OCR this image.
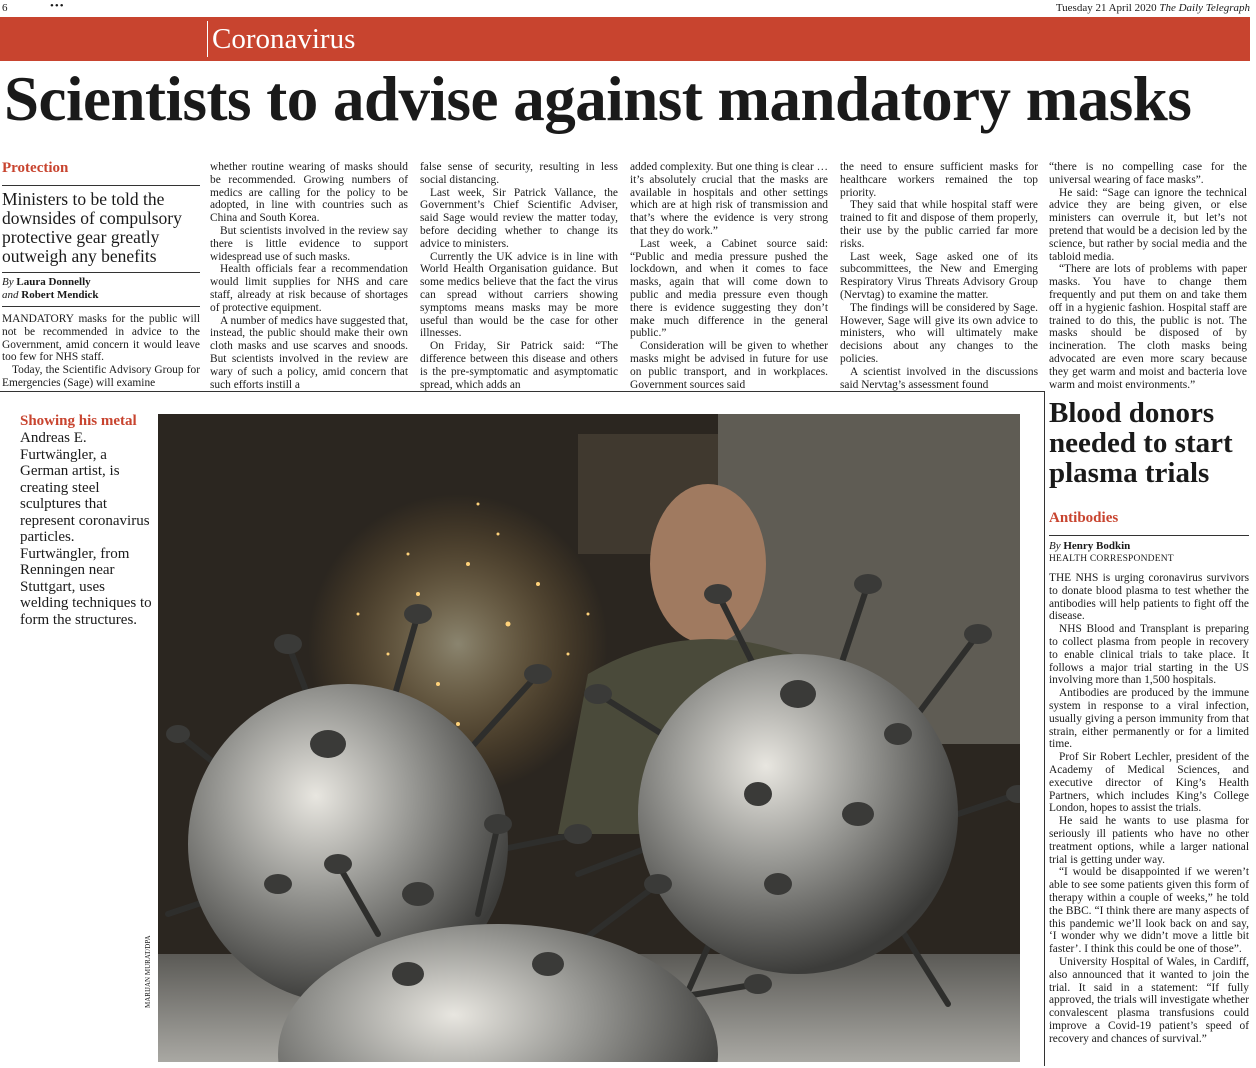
6	•••	Tuesday 21 April 2020 The Daily Telegraph
Coronavirus
Scientists to advise against mandatory masks
Protection
Ministers to be told the downsides of compulsory protective gear greatly outweigh any benefits
By Laura Donnelly
and Robert Mendick

MANDATORY masks for the public will not be recommended in advice to the Government, amid concern it would leave too few for NHS staff.

Today, the Scientific Advisory Group for Emergencies (Sage) will examine

whether routine wearing of masks should be recommended. Growing numbers of medics are calling for the policy to be adopted, in line with countries such as China and South Korea.

But scientists involved in the review say there is little evidence to support widespread use of such masks.

Health officials fear a recommendation would limit supplies for NHS and care staff, already at risk because of shortages of protective equipment.

A number of medics have suggested that, instead, the public should make their own cloth masks and use scarves and snoods. But scientists involved in the review are wary of such a policy, amid concern that such efforts instill a

false sense of security, resulting in less social distancing.

Last week, Sir Patrick Vallance, the Government’s Chief Scientific Adviser, said Sage would review the matter today, before deciding whether to change its advice to ministers.

Currently the UK advice is in line with World Health Organisation guidance. But some medics believe that the fact the virus can spread without carriers showing symptoms means masks may be more useful than would be the case for other illnesses.

On Friday, Sir Patrick said: “The difference between this disease and others is the pre-symptomatic and asymptomatic spread, which adds an

added complexity. But one thing is clear … it’s absolutely crucial that the masks are available in hospitals and other settings which are at high risk of transmission and that’s where the evidence is very strong that they do work.”

Last week, a Cabinet source said: “Public and media pressure pushed the lockdown, and when it comes to face masks, again that will come down to public and media pressure even though there is evidence suggesting they don’t make much difference in the general public.”

Consideration will be given to whether masks might be advised in future for use on public transport, and in workplaces. Government sources said

the need to ensure sufficient masks for healthcare workers remained the top priority.

They said that while hospital staff were trained to fit and dispose of them properly, their use by the public carried far more risks.

Last week, Sage asked one of its subcommittees, the New and Emerging Respiratory Virus Threats Advisory Group (Nervtag) to examine the matter.

The findings will be considered by Sage. However, Sage will give its own advice to ministers, who will ultimately make decisions about any changes to the policies.

A scientist involved in the discussions said Nervtag’s assessment found

“there is no compelling case for the universal wearing of face masks”.

He said: “Sage can ignore the technical advice they are being given, or else ministers can overrule it, but let’s not pretend that would be a decision led by the science, but rather by social media and the tabloid media.

“There are lots of problems with paper masks. You have to change them frequently and put them on and take them off in a hygienic fashion. Hospital staff are trained to do this, the public is not. The masks should be disposed of by incineration. The cloth masks being advocated are even more scary because they get warm and moist and bacteria love warm and moist environments.”

Showing his metal
Andreas E. Furtwängler, a German artist, is creating steel sculptures that represent coronavirus particles. Furtwängler, from Renningen near Stuttgart, uses welding techniques to form the structures.
MARIJAN MURAT/DPA
Blood donors needed to start plasma trials
Antibodies
By Henry Bodkin
HEALTH CORRESPONDENT

THE NHS is urging coronavirus survivors to donate blood plasma to test whether the antibodies will help patients to fight off the disease.

NHS Blood and Transplant is preparing to collect plasma from people in recovery to enable clinical trials to take place. It follows a major trial starting in the US involving more than 1,500 hospitals.

Antibodies are produced by the immune system in response to a viral infection, usually giving a person immunity from that strain, either permanently or for a limited time.

Prof Sir Robert Lechler, president of the Academy of Medical Sciences, and executive director of King’s Health Partners, which includes King’s College London, hopes to assist the trials.

He said he wants to use plasma for seriously ill patients who have no other treatment options, while a larger national trial is getting under way.

“I would be disappointed if we weren’t able to see some patients given this form of therapy within a couple of weeks,” he told the BBC. “I think there are many aspects of this pandemic we’ll look back on and say, ‘I wonder why we didn’t move a little bit faster’. I think this could be one of those”.

University Hospital of Wales, in Cardiff, also announced that it wanted to join the trial. It said in a statement: “If fully approved, the trials will investigate whether convalescent plasma transfusions could improve a Covid-19 patient’s speed of recovery and chances of survival.”
